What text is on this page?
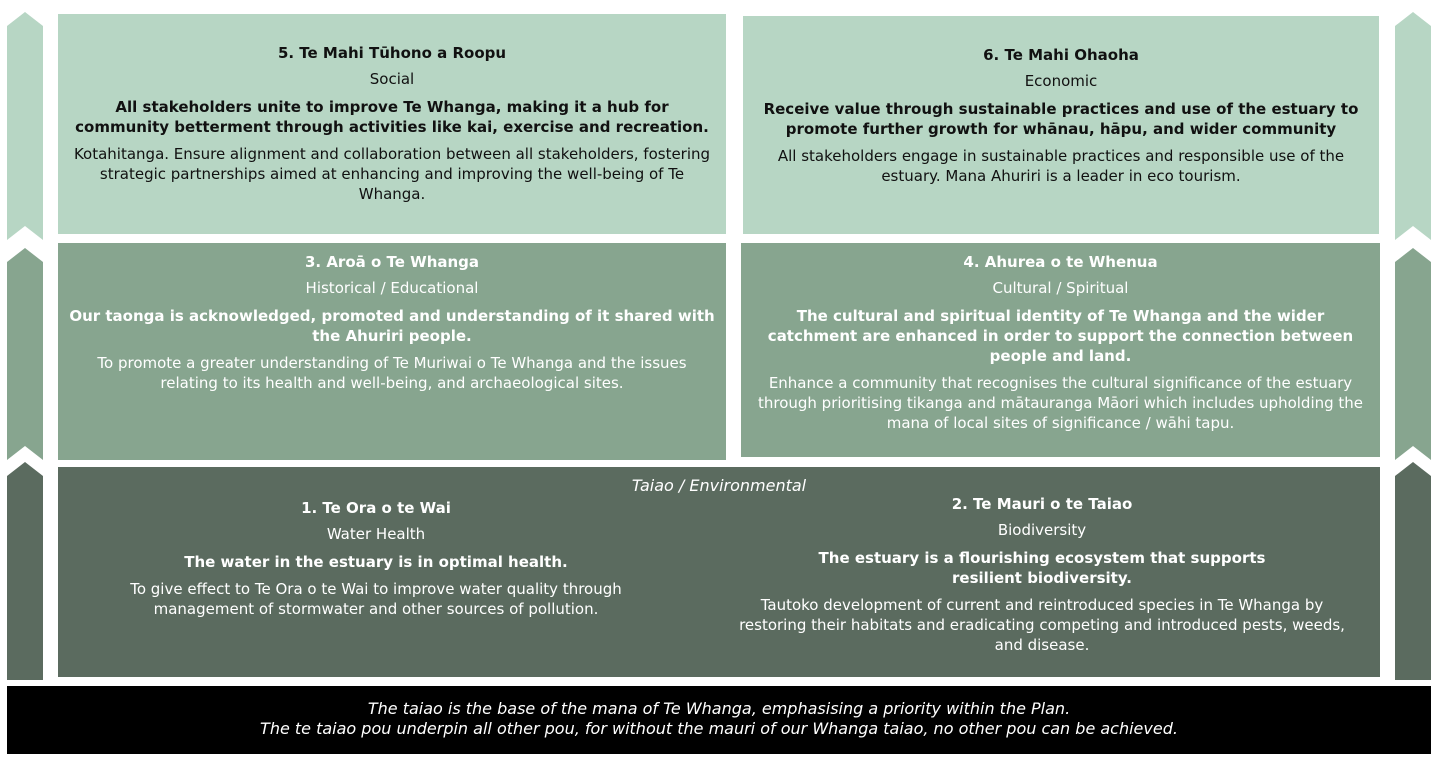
5. Te Mahi Tūhono a Roopu
Social
All stakeholders unite to improve Te Whanga, making it a hub for community betterment through activities like kai, exercise and recreation.
Kotahitanga. Ensure alignment and collaboration between all stakeholders, fostering strategic partnerships aimed at enhancing and improving the well-being of Te Whanga.
6. Te Mahi Ohaoha
Economic
Receive value through sustainable practices and use of the estuary to promote further growth for whānau, hāpu, and wider community
All stakeholders engage in sustainable practices and responsible use of the estuary. Mana Ahuriri is a leader in eco tourism.
3. Aroā o Te Whanga
Historical / Educational
Our taonga is acknowledged, promoted and understanding of it shared with the Ahuriri people.
To promote a greater understanding of Te Muriwai o Te Whanga and the issues relating to its health and well-being, and archaeological sites.
4. Ahurea o te Whenua
Cultural / Spiritual
The cultural and spiritual identity of Te Whanga and the wider catchment are enhanced in order to support the connection between people and land.
Enhance a community that recognises the cultural significance of the estuary through prioritising tikanga and mātauranga Māori which includes upholding the mana of local sites of significance / wāhi tapu.
Taiao / Environmental
1. Te Ora o te Wai
Water Health
The water in the estuary is in optimal health.
To give effect to Te Ora o te Wai to improve water quality through management of stormwater and other sources of pollution.
2. Te Mauri o te Taiao
Biodiversity
The estuary is a flourishing ecosystem that supports resilient biodiversity.
Tautoko development of current and reintroduced species in Te Whanga by restoring their habitats and eradicating competing and introduced pests, weeds, and disease.
The taiao is the base of the mana of Te Whanga, emphasising a priority within the Plan.
The te taiao pou underpin all other pou, for without the mauri of our Whanga taiao, no other pou can be achieved.
